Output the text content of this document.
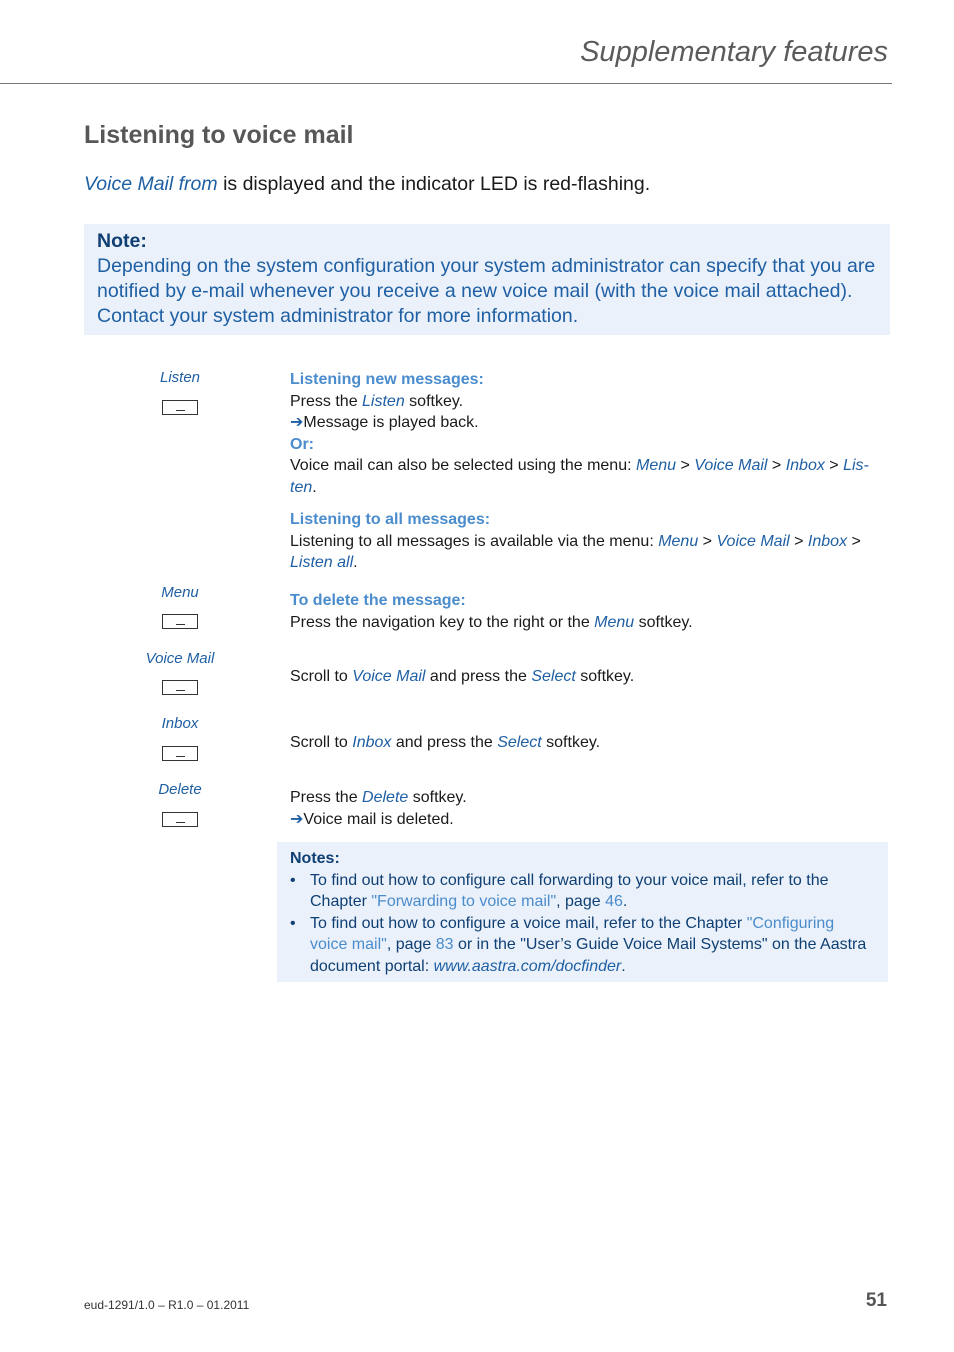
Supplementary features
Listening to voice mail
Voice Mail from is displayed and the indicator LED is red-flashing.
Note:
Depending on the system configuration your system administrator can specify that you are notified by e-mail whenever you receive a new voice mail (with the voice mail attached). Contact your system administrator for more information.
Listen
Menu
Voice Mail
Inbox
Delete
Listening new messages:
Press the Listen softkey.
➔Message is played back.
Or:
Voice mail can also be selected using the menu: Menu > Voice Mail > Inbox > Lis-
ten.
Listening to all messages:
Listening to all messages is available via the menu: Menu > Voice Mail > Inbox >
Listen all.
To delete the message:
Press the navigation key to the right or the Menu softkey.
Scroll to Voice Mail and press the Select softkey.
Scroll to Inbox and press the Select softkey.
Press the Delete softkey.
➔Voice mail is deleted.
Notes:
• To find out how to configure call forwarding to your voice mail, refer to the Chapter "Forwarding to voice mail", page 46.
• To find out how to configure a voice mail, refer to the Chapter "Configuring voice mail", page 83 or in the "User’s Guide Voice Mail Systems" on the Aastra document portal: www.aastra.com/docfinder.
eud-1291/1.0 – R1.0 – 01.2011	51
